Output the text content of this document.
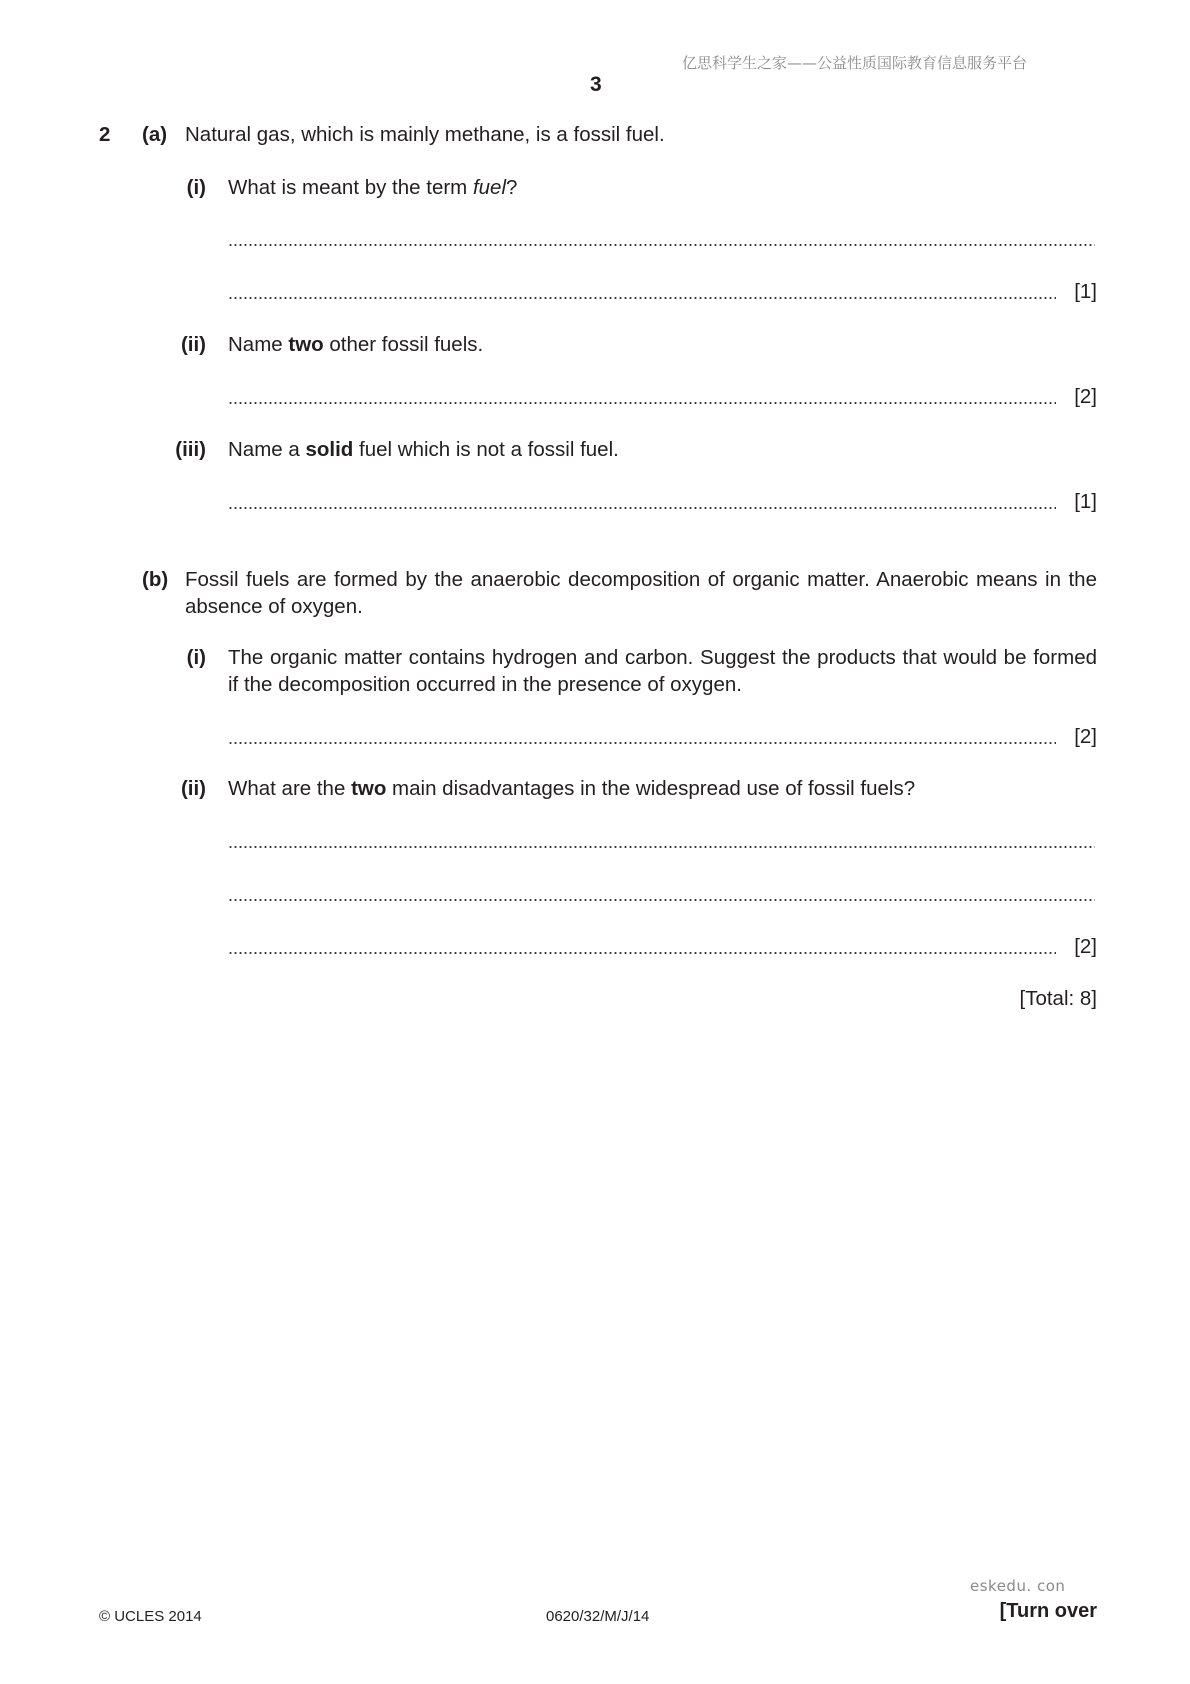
亿思科学生之家——公益性质国际教育信息服务平台
3
2 (a) Natural gas, which is mainly methane, is a fossil fuel.
(i) What is meant by the term fuel?
[1]
(ii) Name two other fossil fuels.
[2]
(iii) Name a solid fuel which is not a fossil fuel.
[1]
(b) Fossil fuels are formed by the anaerobic decomposition of organic matter. Anaerobic means in the absence of oxygen.
(i) The organic matter contains hydrogen and carbon. Suggest the products that would be formed if the decomposition occurred in the presence of oxygen.
[2]
(ii) What are the two main disadvantages in the widespread use of fossil fuels?
[2]
[Total: 8]
eskedu. con
© UCLES 2014	0620/32/M/J/14	[Turn over
